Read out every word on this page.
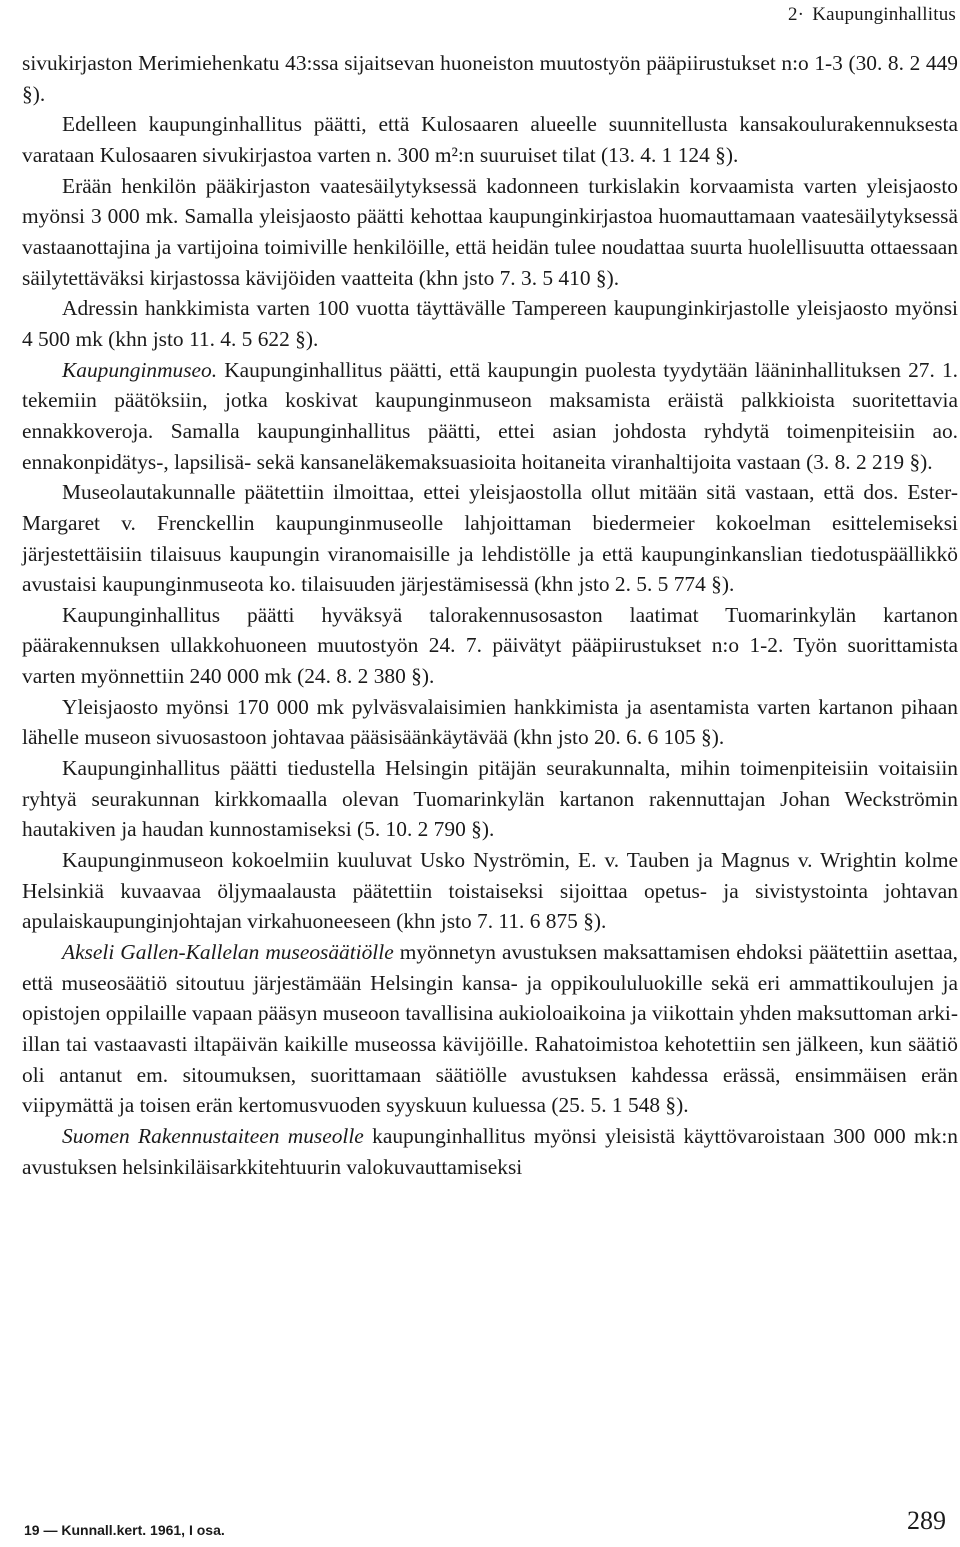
2· Kaupunginhallitus

sivukirjaston Merimiehenkatu 43:ssa sijaitsevan huoneiston muutostyön pääpiirustukset n:o 1-3 (30. 8. 2 449 §).

Edelleen kaupunginhallitus päätti, että Kulosaaren alueelle suunnitellusta kansakoulurakennuksesta varataan Kulosaaren sivukirjastoa varten n. 300 m²:n suuruiset tilat (13. 4. 1 124 §).

Erään henkilön pääkirjaston vaatesäilytyksessä kadonneen turkislakin korvaamista varten yleisjaosto myönsi 3 000 mk. Samalla yleisjaosto päätti kehottaa kaupunginkirjastoa huomauttamaan vaatesäilytyksessä vastaanottajina ja vartijoina toimiville henkilöille, että heidän tulee noudattaa suurta huolellisuutta ottaessaan säilytettäväksi kirjastossa kävijöiden vaatteita (khn jsto 7. 3. 5 410 §).

Adressin hankkimista varten 100 vuotta täyttävälle Tampereen kaupunginkirjastolle yleisjaosto myönsi 4 500 mk (khn jsto 11. 4. 5 622 §).

Kaupunginmuseo. Kaupunginhallitus päätti, että kaupungin puolesta tyydytään lääninhallituksen 27. 1. tekemiin päätöksiin, jotka koskivat kaupunginmuseon maksamista eräistä palkkioista suoritettavia ennakkoveroja. Samalla kaupunginhallitus päätti, ettei asian johdosta ryhdytä toimenpiteisiin ao. ennakonpidätys-, lapsilisä- sekä kansaneläkemaksuasioita hoitaneita viranhaltijoita vastaan (3. 8. 2 219 §).

Museolautakunnalle päätettiin ilmoittaa, ettei yleisjaostolla ollut mitään sitä vastaan, että dos. Ester-Margaret v. Frenckellin kaupunginmuseolle lahjoittaman biedermeier kokoelman esittelemiseksi järjestettäisiin tilaisuus kaupungin viranomaisille ja lehdistölle ja että kaupunginkanslian tiedotuspäällikkö avustaisi kaupunginmuseota ko. tilaisuuden järjestämisessä (khn jsto 2. 5. 5 774 §).

Kaupunginhallitus päätti hyväksyä talorakennusosaston laatimat Tuomarinkylän kartanon päärakennuksen ullakkohuoneen muutostyön 24. 7. päivätyt pääpiirustukset n:o 1-2. Työn suorittamista varten myönnettiin 240 000 mk (24. 8. 2 380 §).

Yleisjaosto myönsi 170 000 mk pylväsvalaisimien hankkimista ja asentamista varten kartanon pihaan lähelle museon sivuosastoon johtavaa pääsisäänkäytävää (khn jsto 20. 6. 6 105 §).

Kaupunginhallitus päätti tiedustella Helsingin pitäjän seurakunnalta, mihin toimenpiteisiin voitaisiin ryhtyä seurakunnan kirkkomaalla olevan Tuomarinkylän kartanon rakennuttajan Johan Weckströmin hautakiven ja haudan kunnostamiseksi (5. 10. 2 790 §).

Kaupunginmuseon kokoelmiin kuuluvat Usko Nyströmin, E. v. Tauben ja Magnus v. Wrightin kolme Helsinkiä kuvaavaa öljymaalausta päätettiin toistaiseksi sijoittaa opetus- ja sivistystointa johtavan apulaiskaupunginjohtajan virkahuoneeseen (khn jsto 7. 11. 6 875 §).

Akseli Gallen-Kallelan museosäätiölle myönnetyn avustuksen maksattamisen ehdoksi päätettiin asettaa, että museosäätiö sitoutuu järjestämään Helsingin kansa- ja oppikoululuokille sekä eri ammattikoulujen ja opistojen oppilaille vapaan pääsyn museoon tavallisina aukioloaikoina ja viikottain yhden maksuttoman arki-illan tai vastaavasti iltapäivän kaikille museossa kävijöille. Rahatoimistoa kehotettiin sen jälkeen, kun säätiö oli antanut em. sitoumuksen, suorittamaan säätiölle avustuksen kahdessa erässä, ensimmäisen erän viipymättä ja toisen erän kertomusvuoden syyskuun kuluessa (25. 5. 1 548 §).

Suomen Rakennustaiteen museolle kaupunginhallitus myönsi yleisistä käyttövaroistaan 300 000 mk:n avustuksen helsinkiläisarkkitehtuurin valokuvauttamiseksi

19 — Kunnall.kert. 1961, I osa.	289
